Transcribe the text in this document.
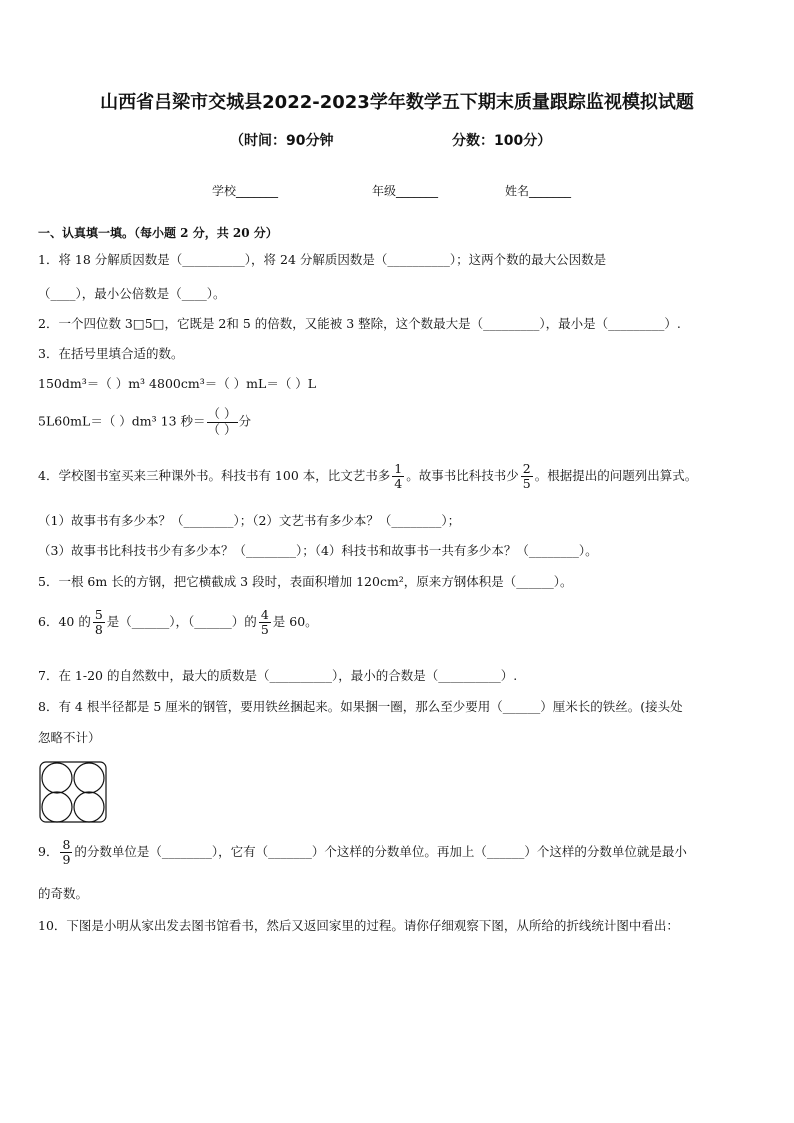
山西省吕梁市交城县2022-2023学年数学五下期末质量跟踪监视模拟试题
（时间：90分钟	分数：100分）
学校_______	年级_______	姓名_______
一、认真填一填。（每小题 2 分，共 20 分）
1．将 18 分解质因数是（__________），将 24 分解质因数是（__________）；这两个数的最大公因数是
（____），最小公倍数是（____）。
2．一个四位数 3□5□，它既是 2和 5 的倍数，又能被 3 整除，这个数最大是（_________），最小是（_________）.
3．在括号里填合适的数。
150dm³＝（ ）m³ 4800cm³＝（ ）mL＝（ ）L
5L60mL＝（ ）dm³ 13 秒＝ $\frac{( )}{( )}$ 分
4．学校图书室买来三种课外书。科技书有 100 本，比文艺书多 $\frac{1}{4}$ 。故事书比科技书少 $\frac{2}{5}$ 。根据提出的问题列出算式。
（1）故事书有多少本？（________）；（2）文艺书有多少本？（________）；
（3）故事书比科技书少有多少本？（________）；（4）科技书和故事书一共有多少本？（________）。
5．一根 6m 长的方钢，把它横截成 3 段时，表面积增加 120cm²，原来方钢体积是（______）。
6．40 的 $\frac{5}{8}$ 是（______），（______）的 $\frac{4}{5}$ 是 60。
7．在 1-20 的自然数中，最大的质数是（__________），最小的合数是（__________）.
8．有 4 根半径都是 5 厘米的钢管，要用铁丝捆起来。如果捆一圈，那么至少要用（______）厘米长的铁丝。(接头处
忽略不计）
9． $\frac{8}{9}$ 的分数单位是（________），它有（_______）个这样的分数单位。再加上（______）个这样的分数单位就是最小
的奇数。
10．下图是小明从家出发去图书馆看书，然后又返回家里的过程。请你仔细观察下图，从所给的折线统计图中看出：
